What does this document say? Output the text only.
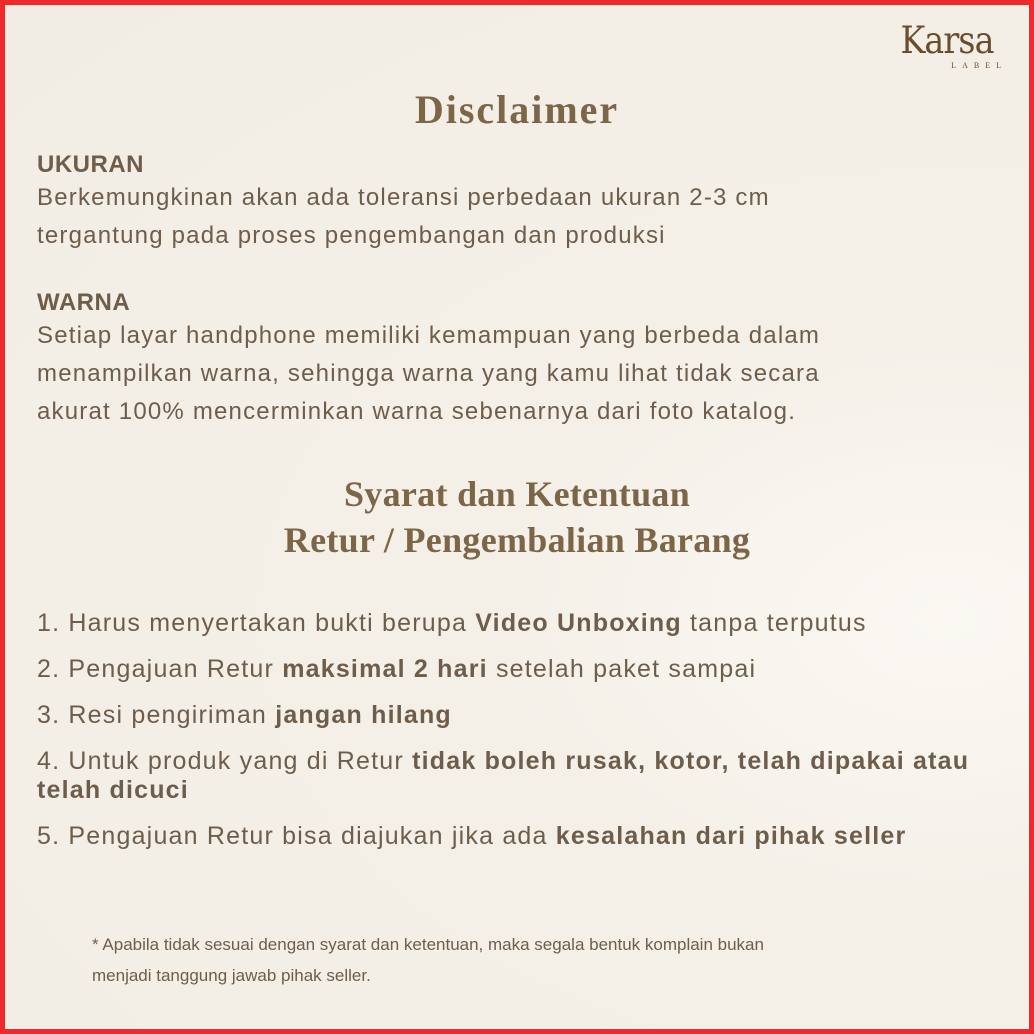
Karsa
LABEL
Disclaimer
UKURAN
Berkemungkinan akan ada toleransi perbedaan ukuran 2-3 cm
tergantung pada proses pengembangan dan produksi
WARNA
Setiap layar handphone memiliki kemampuan yang berbeda dalam
menampilkan warna, sehingga warna yang kamu lihat tidak secara
akurat 100% mencerminkan warna sebenarnya dari foto katalog.
Syarat dan Ketentuan
Retur / Pengembalian Barang
1. Harus menyertakan bukti berupa Video Unboxing tanpa terputus
2. Pengajuan Retur maksimal 2 hari setelah paket sampai
3. Resi pengiriman jangan hilang
4. Untuk produk yang di Retur tidak boleh rusak, kotor, telah dipakai atau telah dicuci
5. Pengajuan Retur bisa diajukan jika ada kesalahan dari pihak seller
* Apabila tidak sesuai dengan syarat dan ketentuan, maka segala bentuk komplain bukan
menjadi tanggung jawab pihak seller.
